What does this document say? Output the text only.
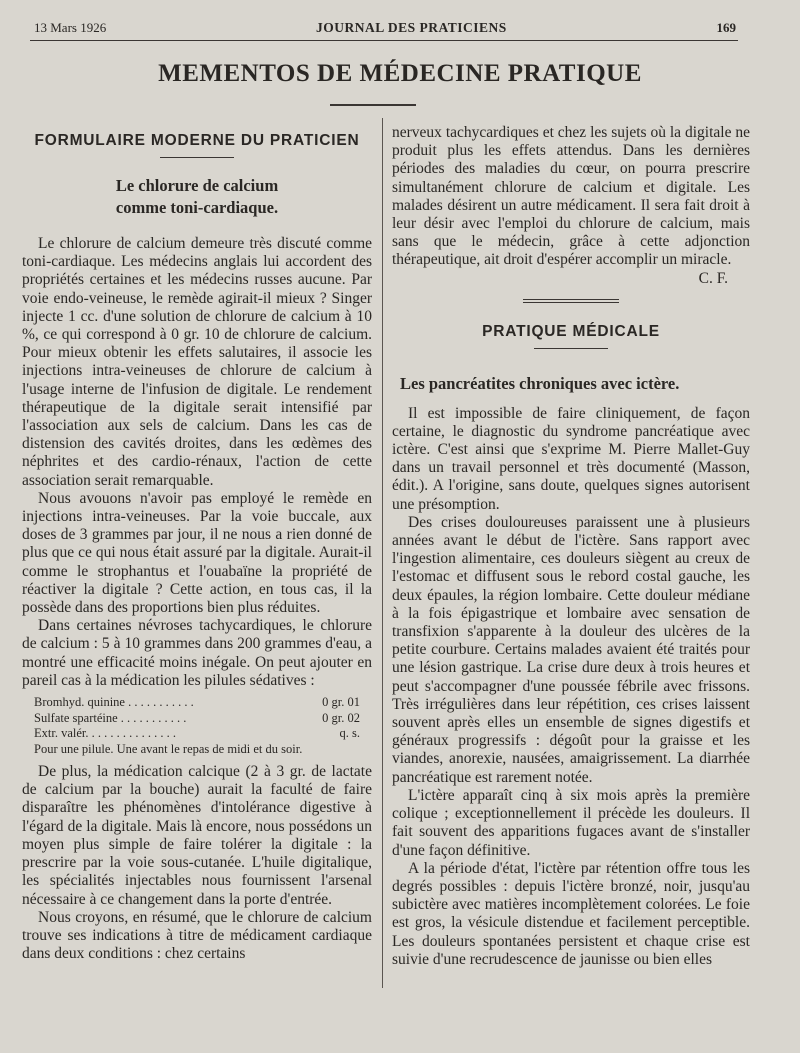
13 Mars 1926	JOURNAL DES PRATICIENS	169
MEMENTOS DE MÉDECINE PRATIQUE
FORMULAIRE MODERNE DU PRATICIEN
Le chlorure de calcium
comme toni-cardiaque.

Le chlorure de calcium demeure très discuté comme toni-cardiaque. Les médecins anglais lui accordent des propriétés certaines et les médecins russes aucune. Par voie endo-veineuse, le remède agirait-il mieux ? Singer injecte 1 cc. d'une solution de chlorure de calcium à 10 %, ce qui correspond à 0 gr. 10 de chlorure de calcium. Pour mieux obtenir les effets salutaires, il associe les injections intra-veineuses de chlorure de calcium à l'usage interne de l'infusion de digitale. Le rendement thérapeutique de la digitale serait intensifié par l'association aux sels de calcium. Dans les cas de distension des cavités droites, dans les œdèmes des néphrites et des cardio-rénaux, l'action de cette association serait remarquable.

Nous avouons n'avoir pas employé le remède en injections intra-veineuses. Par la voie buccale, aux doses de 3 grammes par jour, il ne nous a rien donné de plus que ce qui nous était assuré par la digitale. Aurait-il comme le strophantus et l'ouabaïne la propriété de réactiver la digitale ? Cette action, en tous cas, il la possède dans des proportions bien plus réduites.

Dans certaines névroses tachycardiques, le chlorure de calcium : 5 à 10 grammes dans 200 grammes d'eau, a montré une efficacité moins inégale. On peut ajouter en pareil cas à la médication les pilules sédatives :

Bromhyd. quinine . . . . . . . . . . .	0 gr. 01
Sulfate spartéine . . . . . . . . . . .	0 gr. 02
Extr. valér. . . . . . . . . . . . . . .	q. s.
Pour une pilule. Une avant le repas de midi et du soir.

De plus, la médication calcique (2 à 3 gr. de lactate de calcium par la bouche) aurait la faculté de faire disparaître les phénomènes d'intolérance digestive à l'égard de la digitale. Mais là encore, nous possédons un moyen plus simple de faire tolérer la digitale : la prescrire par la voie sous-cutanée. L'huile digitalique, les spécialités injectables nous fournissent l'arsenal nécessaire à ce changement dans la porte d'entrée.

Nous croyons, en résumé, que le chlorure de calcium trouve ses indications à titre de médicament cardiaque dans deux conditions : chez certains

nerveux tachycardiques et chez les sujets où la digitale ne produit plus les effets attendus. Dans les dernières périodes des maladies du cœur, on pourra prescrire simultanément chlorure de calcium et digitale. Les malades désirent un autre médicament. Il sera fait droit à leur désir avec l'emploi du chlorure de calcium, mais sans que le médecin, grâce à cette adjonction thérapeutique, ait droit d'espérer accomplir un miracle.

C. F.

PRATIQUE MÉDICALE
Les pancréatites chroniques avec ictère.

Il est impossible de faire cliniquement, de façon certaine, le diagnostic du syndrome pancréatique avec ictère. C'est ainsi que s'exprime M. Pierre Mallet-Guy dans un travail personnel et très documenté (Masson, édit.). A l'origine, sans doute, quelques signes autorisent une présomption.

Des crises douloureuses paraissent une à plusieurs années avant le début de l'ictère. Sans rapport avec l'ingestion alimentaire, ces douleurs siègent au creux de l'estomac et diffusent sous le rebord costal gauche, les deux épaules, la région lombaire. Cette douleur médiane à la fois épigastrique et lombaire avec sensation de transfixion s'apparente à la douleur des ulcères de la petite courbure. Certains malades avaient été traités pour une lésion gastrique. La crise dure deux à trois heures et peut s'accompagner d'une poussée fébrile avec frissons. Très irrégulières dans leur répétition, ces crises laissent souvent après elles un ensemble de signes digestifs et généraux progressifs : dégoût pour la graisse et les viandes, anorexie, nausées, amaigrissement. La diarrhée pancréatique est rarement notée.

L'ictère apparaît cinq à six mois après la première colique ; exceptionnellement il précède les douleurs. Il fait souvent des apparitions fugaces avant de s'installer d'une façon définitive.

A la période d'état, l'ictère par rétention offre tous les degrés possibles : depuis l'ictère bronzé, noir, jusqu'au subictère avec matières incomplètement colorées. Le foie est gros, la vésicule distendue et facilement perceptible. Les douleurs spontanées persistent et chaque crise est suivie d'une recrudescence de jaunisse ou bien elles
